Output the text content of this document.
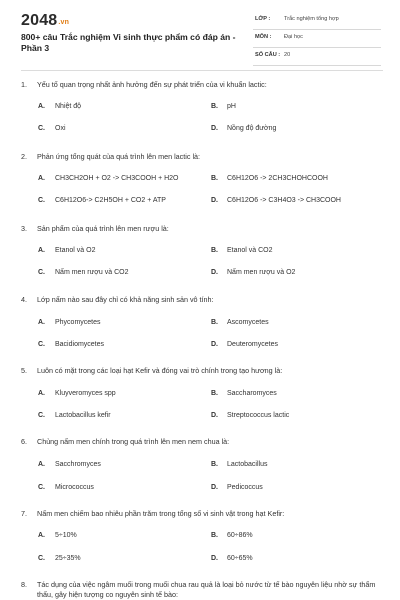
2048.vn
800+ câu Trắc nghiệm Vi sinh thực phẩm có đáp án - Phần 3
LỚP : Trắc nghiệm tổng hợp
MÔN : Đại học
SỐ CÂU : 20
1. Yếu tố quan trọng nhất ảnh hưởng đến sự phát triển của vi khuẩn lactic:
A. Nhiệt độ	B. pH
C. Oxi	D. Nồng độ đường
2. Phản ứng tổng quát của quá trình lên men lactic là:
A. CH3CH2OH + O2 -> CH3COOH + H2O	B. C6H12O6 -> 2CH3CHOHCOOH
C. C6H12O6-> C2H5OH + CO2 + ATP	D. C6H12O6 -> C3H4O3 -> CH3COOH
3. Sản phẩm của quá trình lên men rượu là:
A. Etanol và O2	B. Etanol và CO2
C. Nấm men rượu và CO2	D. Nấm men rượu và O2
4. Lớp nấm nào sau đây chỉ có khả năng sinh sản vô tính:
A. Phycomycetes	B. Ascomycetes
C. Bacidiomycetes	D. Deuteromycetes
5. Luôn có mặt trong các loại hạt Kefir và đóng vai trò chính trong tạo hương là:
A. Kluyveromyces spp	B. Saccharomyces
C. Lactobacillus kefir	D. Streptococcus lactic
6. Chủng nấm men chính trong quá trình lên men nem chua là:
A. Sacchromyces	B. Lactobacillus
C. Micrococcus	D. Pedicoccus
7. Nấm men chiếm bao nhiêu phần trăm trong tổng số vi sinh vật trong hạt Kefir:
A. 5÷10%	B. 60÷86%
C. 25÷35%	D. 60÷65%
8. Tác dụng của việc ngâm muối trong muối chua rau quả là loại bỏ nước từ tế bào nguyên liệu nhờ sự thẩm thấu, gây hiện tượng co nguyên sinh tế bào:
